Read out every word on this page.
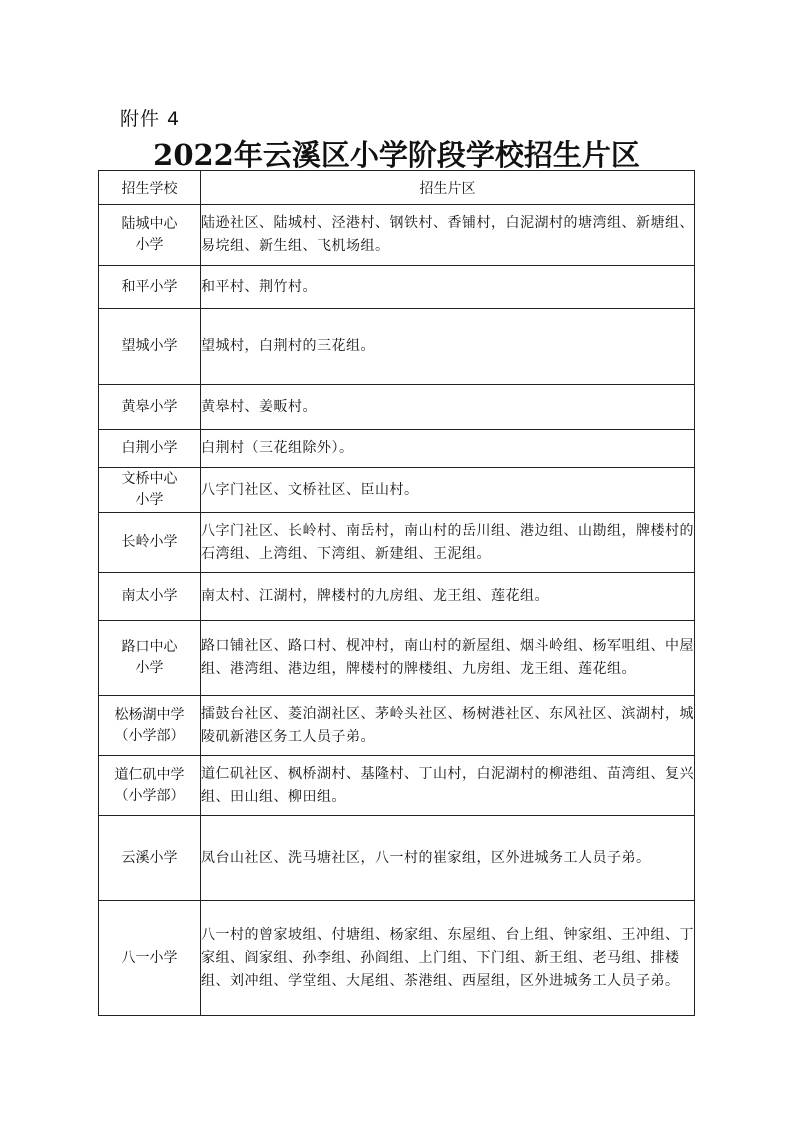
附件 4
2022年云溪区小学阶段学校招生片区
招生学校	招生片区

陆城中心小学	陆逊社区、陆城村、泾港村、钢铁村、香铺村，白泥湖村的塘湾组、新塘组、易垸组、新生组、飞机场组。
和平小学	和平村、荆竹村。
望城小学	望城村，白荆村的三花组。
黄皋小学	黄皋村、姜畈村。
白荆小学	白荆村（三花组除外）。

文桥中心小学	八字门社区、文桥社区、臣山村。
长岭小学	八字门社区、长岭村、南岳村，南山村的岳川组、港边组、山勘组，牌楼村的石湾组、上湾组、下湾组、新建组、王泥组。
南太小学	南太村、江湖村，牌楼村的九房组、龙王组、莲花组。

路口中心小学	路口铺社区、路口村、枧冲村，南山村的新屋组、烟斗岭组、杨军咀组、中屋组、港湾组、港边组，牌楼村的牌楼组、九房组、龙王组、莲花组。

松杨湖中学（小学部）	擂鼓台社区、菱泊湖社区、茅岭头社区、杨树港社区、东风社区、滨湖村，城陵矶新港区务工人员子弟。

道仁矶中学（小学部）	道仁矶社区、枫桥湖村、基隆村、丁山村，白泥湖村的柳港组、苗湾组、复兴组、田山组、柳田组。
云溪小学	凤台山社区、洗马塘社区，八一村的崔家组，区外进城务工人员子弟。
八一小学	八一村的曾家坡组、付塘组、杨家组、东屋组、台上组、钟家组、王冲组、丁家组、阎家组、孙李组、孙阎组、上门组、下门组、新王组、老马组、排楼组、刘冲组、学堂组、大尾组、茶港组、西屋组，区外进城务工人员子弟。
